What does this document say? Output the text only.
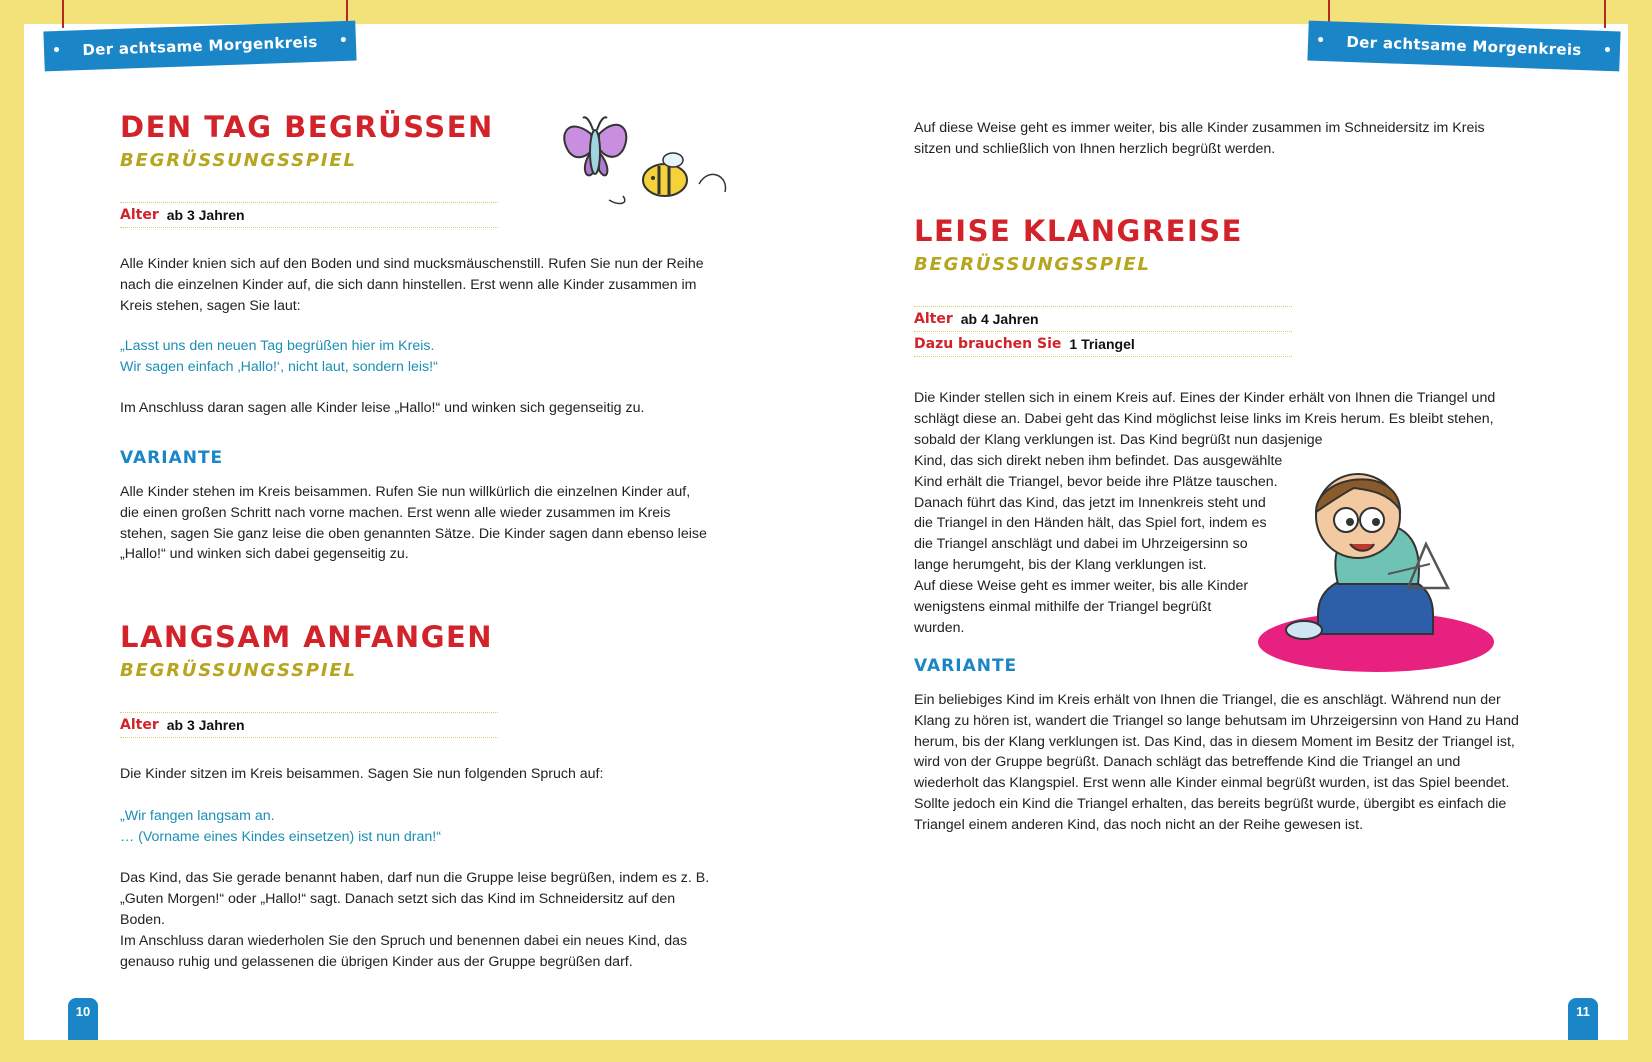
Der achtsame Morgenkreis
DEN TAG BEGRÜSSEN
BEGRÜSSUNGSSPIEL
Alter ab 3 Jahren

Alle Kinder knien sich auf den Boden und sind mucksmäuschenstill. Rufen Sie nun der Reihe nach die einzelnen Kinder auf, die sich dann hinstellen. Erst wenn alle Kinder zusammen im Kreis stehen, sagen Sie laut:

„Lasst uns den neuen Tag begrüßen hier im Kreis.

Wir sagen einfach ‚Hallo!‘, nicht laut, sondern leis!“

Im Anschluss daran sagen alle Kinder leise „Hallo!“ und winken sich gegenseitig zu.

VARIANTE

Alle Kinder stehen im Kreis beisammen. Rufen Sie nun willkürlich die einzelnen Kinder auf, die einen großen Schritt nach vorne machen. Erst wenn alle wieder zusammen im Kreis stehen, sagen Sie ganz leise die oben genannten Sätze. Die Kinder sagen dann ebenso leise „Hallo!“ und winken sich dabei gegenseitig zu.

LANGSAM ANFANGEN
BEGRÜSSUNGSSPIEL
Alter ab 3 Jahren

Die Kinder sitzen im Kreis beisammen. Sagen Sie nun folgenden Spruch auf:

„Wir fangen langsam an.

… (Vorname eines Kindes einsetzen) ist nun dran!“

Das Kind, das Sie gerade benannt haben, darf nun die Gruppe leise begrüßen, indem es z. B. „Guten Morgen!“ oder „Hallo!“ sagt. Danach setzt sich das Kind im Schneidersitz auf den Boden.

Im Anschluss daran wiederholen Sie den Spruch und benennen dabei ein neues Kind, das genauso ruhig und gelassenen die übrigen Kinder aus der Gruppe begrüßen darf.

10
Der achtsame Morgenkreis

Auf diese Weise geht es immer weiter, bis alle Kinder zusammen im Schneidersitz im Kreis sitzen und schließlich von Ihnen herzlich begrüßt werden.

LEISE KLANGREISE
BEGRÜSSUNGSSPIEL
Alter ab 4 Jahren
Dazu brauchen Sie 1 Triangel

Die Kinder stellen sich in einem Kreis auf. Eines der Kinder erhält von Ihnen die Triangel und schlägt diese an. Dabei geht das Kind möglichst leise links im Kreis herum. Es bleibt stehen, sobald der Klang verklungen ist. Das Kind begrüßt nun dasjenige

Kind, das sich direkt neben ihm befindet. Das ausgewählte Kind erhält die Triangel, bevor beide ihre Plätze tauschen. Danach führt das Kind, das jetzt im Innenkreis steht und die Triangel in den Händen hält, das Spiel fort, indem es die Triangel anschlägt und dabei im Uhrzeigersinn so lange herumgeht, bis der Klang verklungen ist.

Auf diese Weise geht es immer weiter, bis alle Kinder wenigstens einmal mithilfe der Triangel begrüßt wurden.

VARIANTE

Ein beliebiges Kind im Kreis erhält von Ihnen die Triangel, die es anschlägt. Während nun der Klang zu hören ist, wandert die Triangel so lange behutsam im Uhrzeigersinn von Hand zu Hand herum, bis der Klang verklungen ist. Das Kind, das in diesem Moment im Besitz der Triangel ist, wird von der Gruppe begrüßt. Danach schlägt das betreffende Kind die Triangel an und wiederholt das Klangspiel. Erst wenn alle Kinder einmal begrüßt wurden, ist das Spiel beendet. Sollte jedoch ein Kind die Triangel erhalten, das bereits begrüßt wurde, übergibt es einfach die Triangel einem anderen Kind, das noch nicht an der Reihe gewesen ist.

11
